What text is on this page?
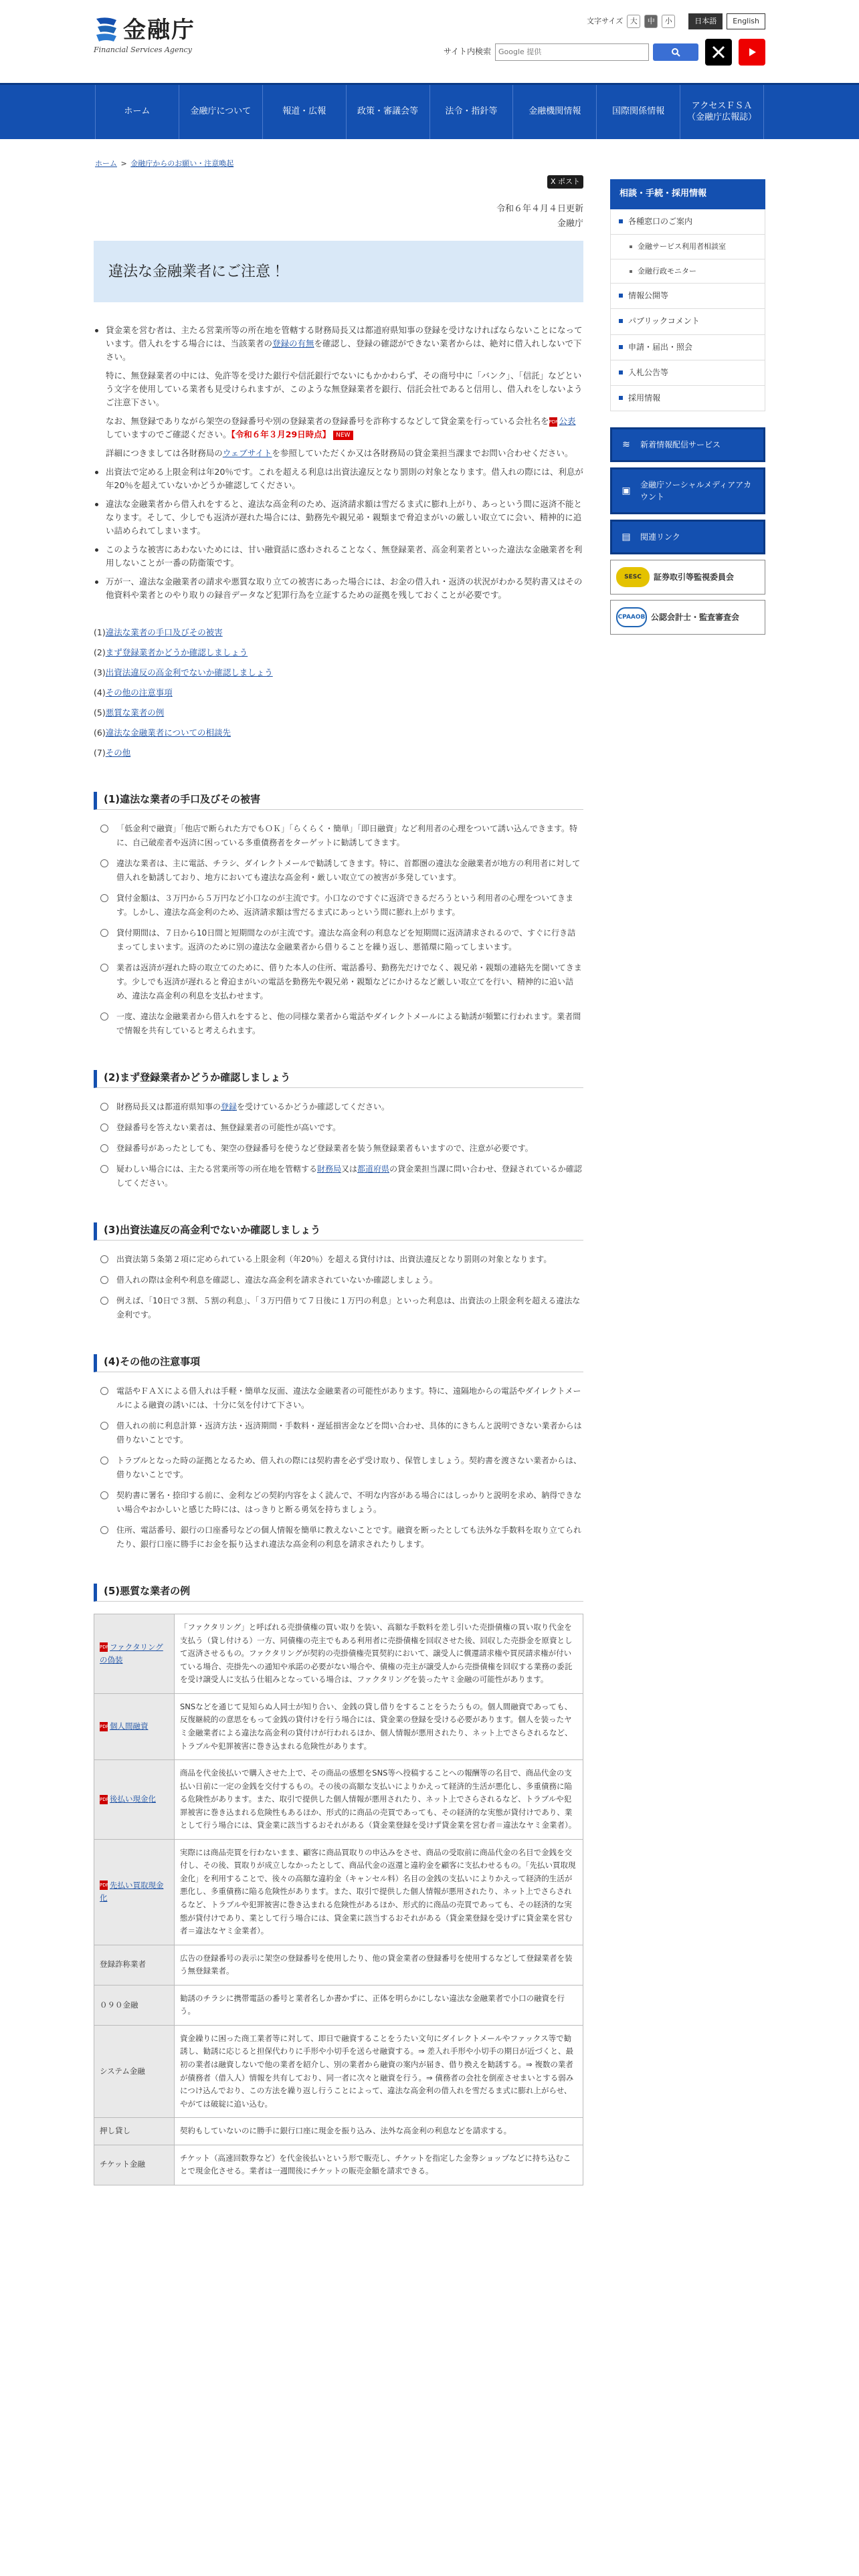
金融庁
Financial Services Agency
文字サイズ 大	中	小	日本語	English
サイト内検索	Google 提供
ホーム	金融庁について	報道・広報	政策・審議会等	法令・指針等	金融機関情報	国際関係情報
アクセスＦＳＡ
（金融庁広報誌）
ホーム > 金融庁からのお願い・注意喚起
X ポスト
令和６年４月４日更新
金融庁
違法な金融業者にご注意！
貸金業を営む者は、主たる営業所等の所在地を管轄する財務局長又は都道府県知事の登録を受けなければならないことになっています。借入れをする場合には、当該業者の登録の有無を確認し、登録の確認ができない業者からは、絶対に借入れしないで下さい。

特に、無登録業者の中には、免許等を受けた銀行や信託銀行でないにもかかわらず、その商号中に「バンク」、「信託」などという文字を使用している業者も見受けられますが、このような無登録業者を銀行、信託会社であると信用し、借入れをしないようご注意下さい。

なお、無登録でありながら架空の登録番号や別の登録業者の登録番号を詐称するなどして貸金業を行っている会社名をPDF公表していますのでご確認ください。【令和６年３月29日時点】 NEW

詳細につきましては各財務局のウェブサイトを参照していただくか又は各財務局の貸金業担当課までお問い合わせください。

出資法で定める上限金利は年20％です。これを超える利息は出資法違反となり罰則の対象となります。借入れの際には、利息が年20％を超えていないかどうか確認してください。
違法な金融業者から借入れをすると、違法な高金利のため、返済請求額は雪だるま式に膨れ上がり、あっという間に返済不能となります。そして、少しでも返済が遅れた場合には、勤務先や親兄弟・親類まで脅迫まがいの厳しい取立てに会い、精神的に追い詰められてしまいます。
このような被害にあわないためには、甘い融資話に惑わされることなく、無登録業者、高金利業者といった違法な金融業者を利用しないことが一番の防衛策です。
万が一、違法な金融業者の請求や悪質な取り立ての被害にあった場合には、お金の借入れ・返済の状況がわかる契約書又はその他資料や業者とのやり取りの録音データなど犯罪行為を立証するための証拠を残しておくことが必要です。
(1)違法な業者の手口及びその被害
(2)まず登録業者かどうか確認しましょう
(3)出資法違反の高金利でないか確認しましょう
(4)その他の注意事項
(5)悪質な業者の例
(6)違法な金融業者についての相談先
(7)その他
(1)違法な業者の手口及びその被害
「低金利で融資」「他店で断られた方でもＯＫ」「らくらく・簡単」「即日融資」など利用者の心理をついて誘い込んできます。特に、自己破産者や返済に困っている多重債務者をターゲットに勧誘してきます。
違法な業者は、主に電話、チラシ、ダイレクトメールで勧誘してきます。特に、首都圏の違法な金融業者が地方の利用者に対して借入れを勧誘しており、地方においても違法な高金利・厳しい取立ての被害が多発しています。
貸付金額は、３万円から５万円など小口なのが主流です。小口なのですぐに返済できるだろうという利用者の心理をついてきます。しかし、違法な高金利のため、返済請求額は雪だるま式にあっという間に膨れ上がります。
貸付期間は、７日から10日間と短期間なのが主流です。違法な高金利の利息などを短期間に返済請求されるので、すぐに行き詰まってしまいます。返済のために別の違法な金融業者から借りることを繰り返し、悪循環に陥ってしまいます。
業者は返済が遅れた時の取立てのために、借りた本人の住所、電話番号、勤務先だけでなく、親兄弟・親類の連絡先を聞いてきます。少しでも返済が遅れると脅迫まがいの電話を勤務先や親兄弟・親類などにかけるなど厳しい取立てを行い、精神的に追い詰め、違法な高金利の利息を支払わせます。
一度、違法な金融業者から借入れをすると、他の同様な業者から電話やダイレクトメールによる勧誘が頻繁に行われます。業者間で情報を共有していると考えられます。
(2)まず登録業者かどうか確認しましょう
財務局長又は都道府県知事の登録を受けているかどうか確認してください。
登録番号を答えない業者は、無登録業者の可能性が高いです。
登録番号があったとしても、架空の登録番号を使うなど登録業者を装う無登録業者もいますので、注意が必要です。
疑わしい場合には、主たる営業所等の所在地を管轄する財務局又は都道府県の貸金業担当課に問い合わせ、登録されているか確認してください。
(3)出資法違反の高金利でないか確認しましょう
出資法第５条第２項に定められている上限金利（年20％）を超える貸付けは、出資法違反となり罰則の対象となります。
借入れの際は金利や利息を確認し、違法な高金利を請求されていないか確認しましょう。
例えば、「10日で３割、５割の利息」、「３万円借りて７日後に１万円の利息」といった利息は、出資法の上限金利を超える違法な金利です。
(4)その他の注意事項
電話やＦＡＸによる借入れは手軽・簡単な反面、違法な金融業者の可能性があります。特に、遠隔地からの電話やダイレクトメールによる融資の誘いには、十分に気を付けて下さい。
借入れの前に利息計算・返済方法・返済期間・手数料・遅延損害金などを問い合わせ、具体的にきちんと説明できない業者からは借りないことです。
トラブルとなった時の証拠となるため、借入れの際には契約書を必ず受け取り、保管しましょう。契約書を渡さない業者からは、借りないことです。
契約書に署名・捺印する前に、金利などの契約内容をよく読んで、不明な内容がある場合にはしっかりと説明を求め、納得できない場合やおかしいと感じた時には、はっきりと断る勇気を持ちましょう。
住所、電話番号、銀行の口座番号などの個人情報を簡単に教えないことです。融資を断ったとしても法外な手数料を取り立てられたり、銀行口座に勝手にお金を振り込まれ違法な高金利の利息を請求されたりします。
(5)悪質な業者の例
PDFファクタリングの偽装	「ファクタリング」と呼ばれる売掛債権の買い取りを装い、高額な手数料を差し引いた売掛債権の買い取り代金を支払う（貸し付ける）一方、同債権の売主でもある利用者に売掛債権を回収させた後、回収した売掛金を原資として返済させるもの。ファクタリングが契約の売掛債権売買契約において、譲受人に償還請求権や買戻請求権が付いている場合、売掛先への通知や承諾の必要がない場合や、債権の売主が譲受人から売掛債権を回収する業務の委託を受け譲受人に支払う仕組みとなっている場合は、ファクタリングを装ったヤミ金融の可能性があります。
PDF個人間融資	SNSなどを通じて見知らぬ人同士が知り合い、金銭の貸し借りをすることをうたうもの。個人間融資であっても、反復継続的の意思をもって金銭の貸付けを行う場合には、貸金業の登録を受ける必要があります。個人を装ったヤミ金融業者による違法な高金利の貸付けが行われるほか、個人情報が悪用されたり、ネット上でさらされるなど、トラブルや犯罪被害に巻き込まれる危険性があります。
PDF後払い現金化	商品を代金後払いで購入させた上で、その商品の感想をSNS等へ投稿することへの報酬等の名目で、商品代金の支払い日前に一定の金銭を交付するもの。その後の高額な支払いによりかえって経済的生活が悪化し、多重債務に陥る危険性があります。また、取引で提供した個人情報が悪用されたり、ネット上でさらされるなど、トラブルや犯罪被害に巻き込まれる危険性もあるほか、形式的に商品の売買であっても、その経済的な実態が貸付けであり、業として行う場合には、貸金業に該当するおそれがある（貸金業登録を受けず貸金業を営む者＝違法なヤミ金業者）。
PDF先払い買取現金化	実際には商品売買を行わないまま、顧客に商品買取りの申込みをさせ、商品の受取前に商品代金の名目で金銭を交付し、その後、買取りが成立しなかったとして、商品代金の返還と違約金を顧客に支払わせるもの。「先払い買取現金化」を利用することで、後々の高額な違約金（キャンセル料）名目の金銭の支払いによりかえって経済的生活が悪化し、多重債務に陥る危険性があります。また、取引で提供した個人情報が悪用されたり、ネット上でさらされるなど、トラブルや犯罪被害に巻き込まれる危険性があるほか、形式的に商品の売買であっても、その経済的な実態が貸付けであり、業として行う場合には、貸金業に該当するおそれがある（貸金業登録を受けずに貸金業を営む者＝違法なヤミ金業者）。
登録詐称業者	広告の登録番号の表示に架空の登録番号を使用したり、他の貸金業者の登録番号を使用するなどして登録業者を装う無登録業者。
０９０金融	勧誘のチラシに携帯電話の番号と業者名しか書かずに、正体を明らかにしない違法な金融業者で小口の融資を行う。
システム金融	資金繰りに困った商工業者等に対して、即日で融資することをうたい文句にダイレクトメールやファックス等で勧誘し、勧誘に応じると担保代わりに手形や小切手を送らせ融資する。⇒ 差入れ手形や小切手の期日が近づくと、最初の業者は融資しないで他の業者を紹介し、別の業者から融資の案内が届き、借り換えを勧誘する。⇒ 複数の業者が債務者（借入人）情報を共有しており、同一者に次々と融資を行う。⇒ 債務者の会社を倒産させまいとする弱みにつけ込んでおり、この方法を繰り返し行うことによって、違法な高金利の借入れを雪だるま式に膨れ上がらせ、やがては破綻に追い込む。
押し貸し	契約もしていないのに勝手に銀行口座に現金を振り込み、法外な高金利の利息などを請求する。
チケット金融	チケット（高速回数券など）を代金後払いという形で販売し、チケットを指定した金券ショップなどに持ち込むことで現金化させる。業者は一週間後にチケットの販売金額を請求できる。
相談・手続・採用情報
各種窓口のご案内
金融サービス利用者相談室
金融行政モニター
情報公開等
パブリックコメント
申請・届出・照会
入札公告等
採用情報
≋ 新着情報配信サービス
▣
金融庁ソーシャルメディアアカウント
▤ 関連リンク
SESC	証券取引等監視委員会
CPAAOB 公認会計士・監査審査会
